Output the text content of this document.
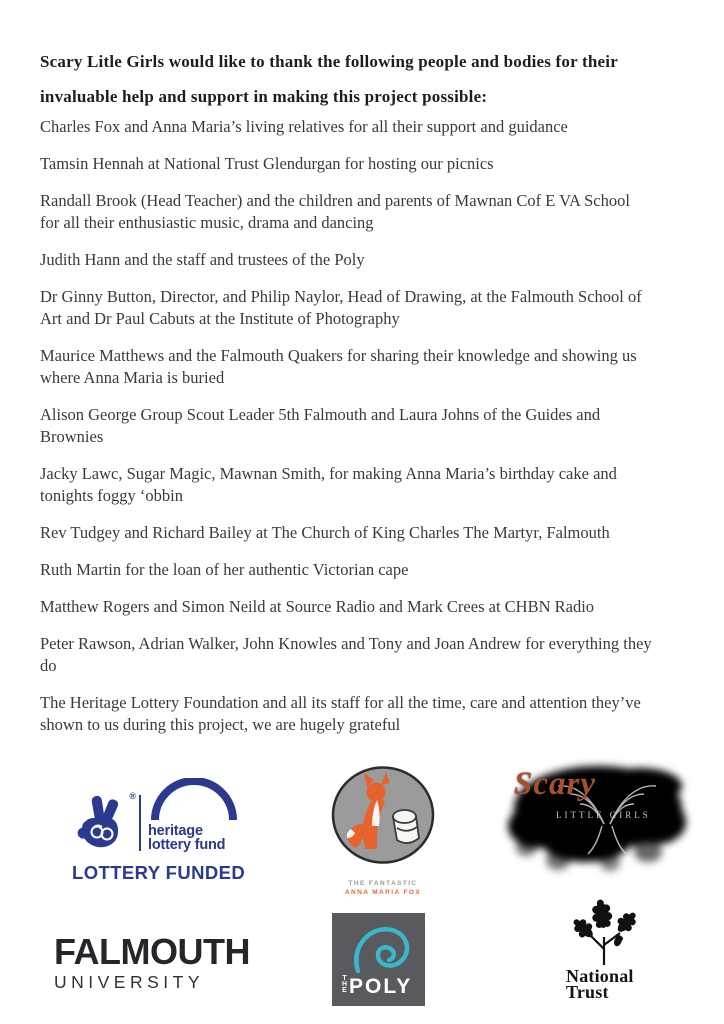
Scary Litle Girls would like to thank the following people and bodies for their
invaluable help and support in making this project possible:
Charles Fox and Anna Maria’s living relatives for all their support and guidance
Tamsin Hennah at National Trust Glendurgan for hosting our picnics
Randall Brook (Head Teacher) and the children and parents of Mawnan Cof E VA School
for all their enthusiastic music, drama and dancing
Judith Hann and the staff and trustees of the Poly
Dr Ginny Button, Director, and Philip Naylor, Head of Drawing, at the Falmouth School of
Art and Dr Paul Cabuts at the Institute of Photography
Maurice Matthews and the Falmouth Quakers for sharing their knowledge and showing us
where Anna Maria is buried
Alison George Group Scout Leader 5th Falmouth and Laura Johns of the Guides and
Brownies
Jacky Lawc, Sugar Magic, Mawnan Smith, for making Anna Maria’s birthday cake and
tonights foggy ‘obbin
Rev Tudgey and Richard Bailey at The Church of King Charles The Martyr, Falmouth
Ruth Martin for the loan of her authentic Victorian cape
Matthew Rogers and Simon Neild at Source Radio and Mark Crees at CHBN Radio
Peter Rawson, Adrian Walker, John Knowles and Tony and Joan Andrew for everything they
do
The Heritage Lottery Foundation and all its staff for all the time, care and attention they’ve
shown to us during this project, we are hugely grateful
®
heritage
lottery fund
LOTTERY FUNDED
THE FANTASTIC
ANNA MARIA FOX
Scary
LITTLE GIRLS
FALMOUTH
UNIVERSITY	THE POLY	National
Trust
